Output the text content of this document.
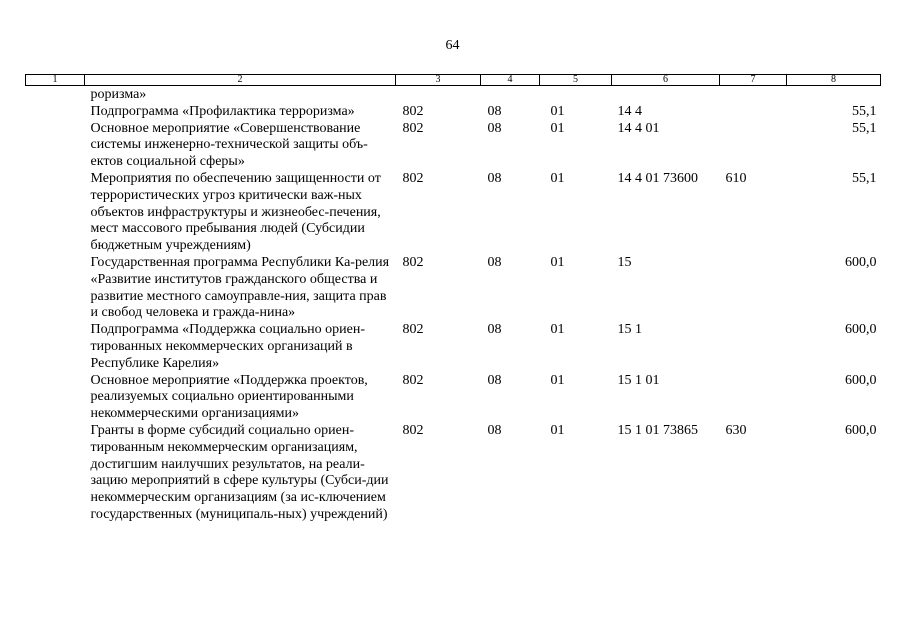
64
1	2	3	4	5	6	7	8
	роризма»						
	Подпрограмма «Профилактика терроризма»	802	08	01	14 4		55,1
	Основное мероприятие «Совершенствование системы инженерно-технической защиты объ-ектов социальной сферы»	802	08	01	14 4 01		55,1
	Мероприятия по обеспечению защищенности от террористических угроз критически важ-ных объектов инфраструктуры и жизнеобес-печения, мест массового пребывания людей (Субсидии бюджетным учреждениям)	802	08	01	14 4 01 73600	610	55,1
	Государственная программа Республики Ка-релия «Развитие институтов гражданского общества и развитие местного самоуправле-ния, защита прав и свобод человека и гражда-нина»	802	08	01	15		600,0
	Подпрограмма «Поддержка социально ориен-тированных некоммерческих организаций в Республике Карелия»	802	08	01	15 1		600,0
	Основное мероприятие «Поддержка проектов, реализуемых социально ориентированными некоммерческими организациями»	802	08	01	15 1 01		600,0
	Гранты в форме субсидий социально ориен-тированным некоммерческим организациям, достигшим наилучших результатов, на реали-зацию мероприятий в сфере культуры (Субси-дии некоммерческим организациям (за ис-ключением государственных (муниципаль-ных) учреждений)	802	08	01	15 1 01 73865	630	600,0
